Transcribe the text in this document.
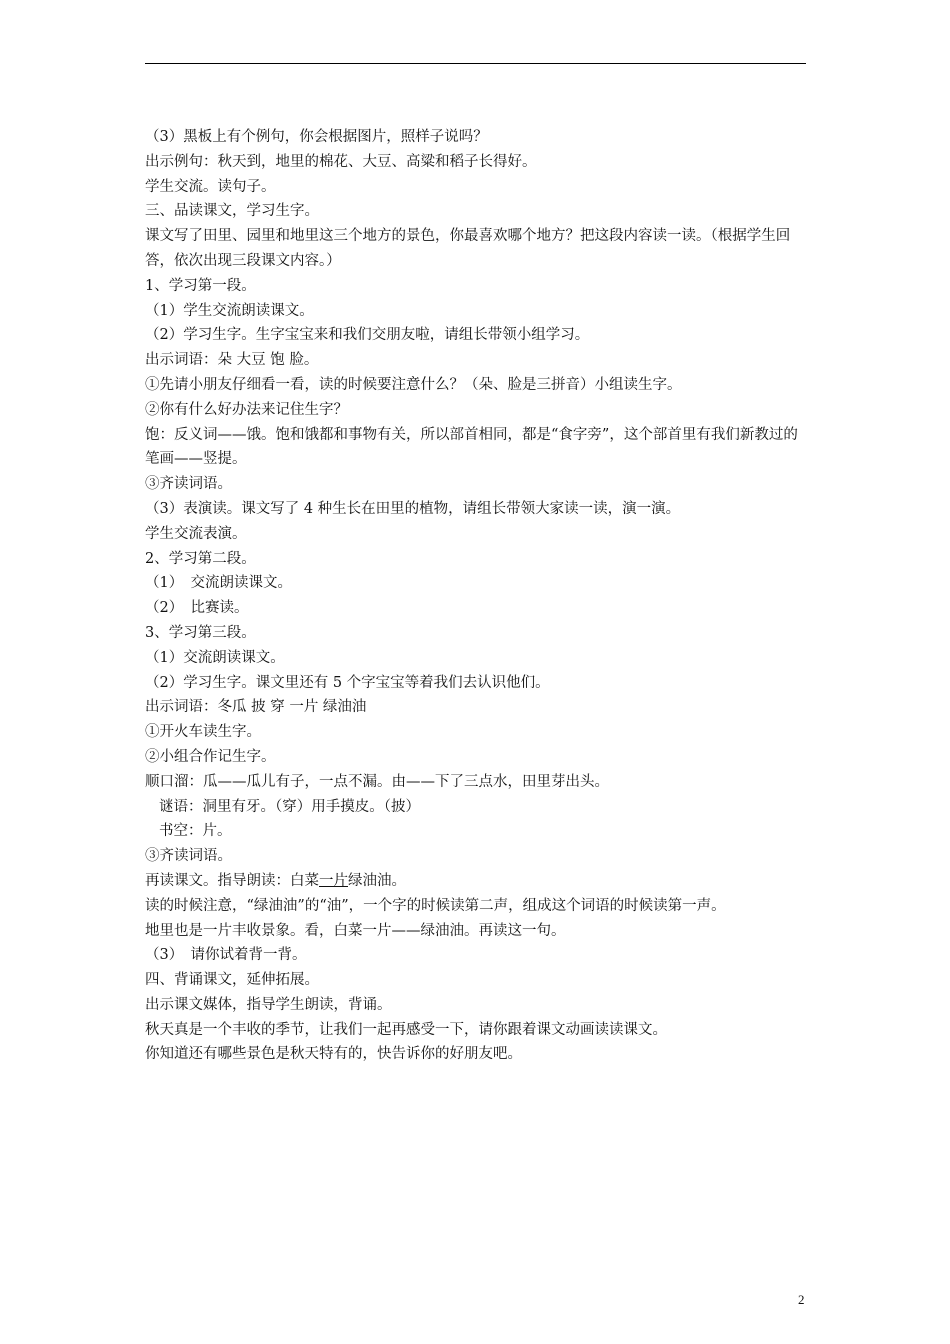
（3）黑板上有个例句，你会根据图片，照样子说吗？
出示例句：秋天到，地里的棉花、大豆、高粱和稻子长得好。
学生交流。读句子。
三、品读课文，学习生字。
课文写了田里、园里和地里这三个地方的景色，你最喜欢哪个地方？把这段内容读一读。（根据学生回答，依次出现三段课文内容。）
1、学习第一段。
（1）学生交流朗读课文。
（2）学习生字。生字宝宝来和我们交朋友啦，请组长带领小组学习。
出示词语：朵 大豆 饱 脸。
①先请小朋友仔细看一看，读的时候要注意什么？（朵、脸是三拼音）小组读生字。
②你有什么好办法来记住生字？
饱：反义词——饿。饱和饿都和事物有关，所以部首相同，都是“食字旁”，这个部首里有我们新教过的笔画——竖提。
③齐读词语。
（3）表演读。课文写了 4 种生长在田里的植物，请组长带领大家读一读，演一演。
学生交流表演。
2、学习第二段。
（1）　交流朗读课文。
（2）　比赛读。
3、学习第三段。
（1）交流朗读课文。
（2）学习生字。课文里还有 5 个字宝宝等着我们去认识他们。
出示词语：冬瓜 披 穿 一片 绿油油
①开火车读生字。
②小组合作记生字。
顺口溜：瓜——瓜儿有子，一点不漏。由——下了三点水，田里芽出头。
谜语：洞里有牙。（穿）用手摸皮。（披）
书空：片。
③齐读词语。
再读课文。指导朗读：白菜一片绿油油。
读的时候注意，“绿油油”的“油”，一个字的时候读第二声，组成这个词语的时候读第一声。
地里也是一片丰收景象。看，白菜一片——绿油油。再读这一句。
（3）　请你试着背一背。
四、背诵课文，延伸拓展。
出示课文媒体，指导学生朗读，背诵。
秋天真是一个丰收的季节，让我们一起再感受一下，请你跟着课文动画读读课文。
你知道还有哪些景色是秋天特有的，快告诉你的好朋友吧。
2
